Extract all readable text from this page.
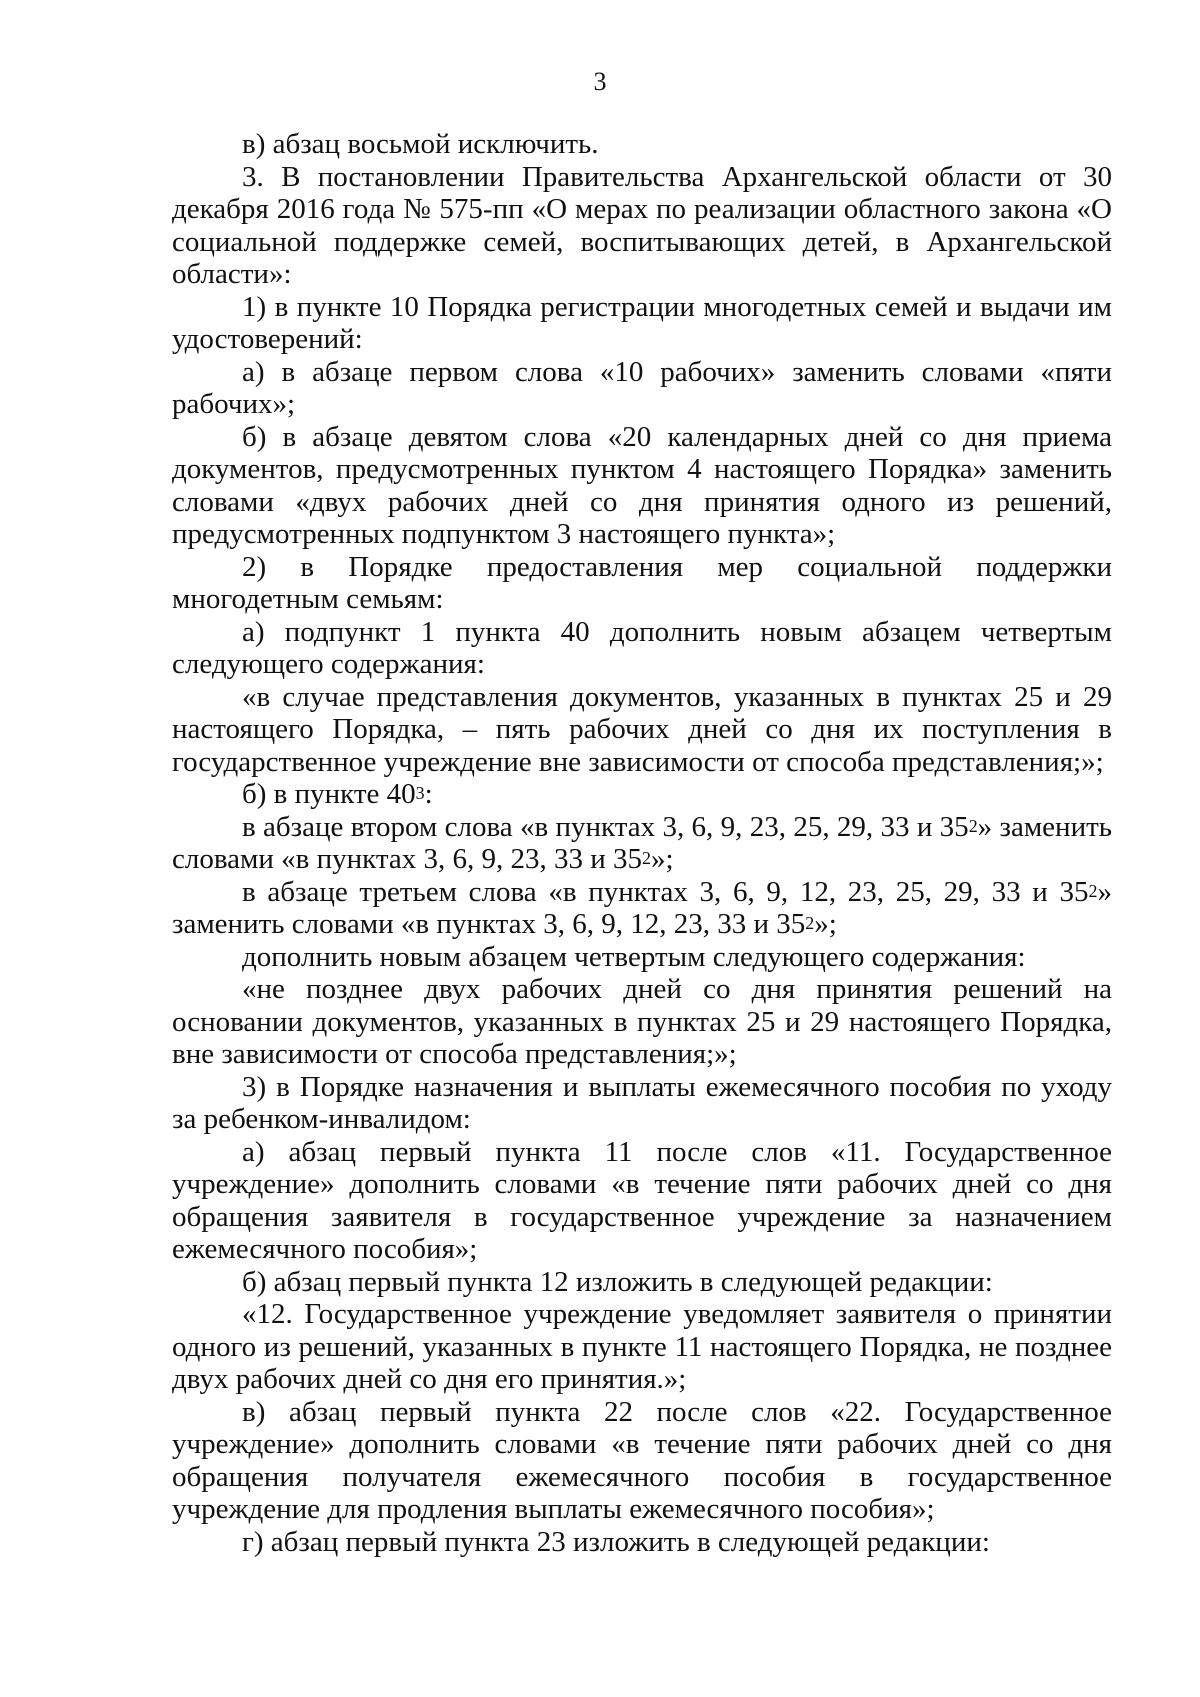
3

в) абзац восьмой исключить.

3. В постановлении Правительства Архангельской области от 30 декабря 2016 года № 575-пп «О мерах по реализации областного закона «О социальной поддержке семей, воспитывающих детей, в Архангельской области»:

1) в пункте 10 Порядка регистрации многодетных семей и выдачи им удостоверений:

а) в абзаце первом слова «10 рабочих» заменить словами «пяти рабочих»;

б) в абзаце девятом слова «20 календарных дней со дня приема документов, предусмотренных пунктом 4 настоящего Порядка» заменить словами «двух рабочих дней со дня принятия одного из решений, предусмотренных подпунктом 3 настоящего пункта»;

2) в Порядке предоставления мер социальной поддержки многодетным семьям:

а) подпункт 1 пункта 40 дополнить новым абзацем четвертым следующего содержания:

«в случае представления документов, указанных в пунктах 25 и 29 настоящего Порядка, – пять рабочих дней со дня их поступления в государственное учреждение вне зависимости от способа представления;»;

б) в пункте $40^3$:

в абзаце втором слова «в пунктах 3, 6, 9, 23, 25, 29, 33 и $35^2$» заменить словами «в пунктах 3, 6, 9, 23, 33 и $35^2$»;

в абзаце третьем слова «в пунктах 3, 6, 9, 12, 23, 25, 29, 33 и $35^2$» заменить словами «в пунктах 3, 6, 9, 12, 23, 33 и $35^2$»;

дополнить новым абзацем четвертым следующего содержания:

«не позднее двух рабочих дней со дня принятия решений на основании документов, указанных в пунктах 25 и 29 настоящего Порядка, вне зависимости от способа представления;»;

3) в Порядке назначения и выплаты ежемесячного пособия по уходу за ребенком-инвалидом:

а) абзац первый пункта 11 после слов «11. Государственное учреждение» дополнить словами «в течение пяти рабочих дней со дня обращения заявителя в государственное учреждение за назначением ежемесячного пособия»;

б) абзац первый пункта 12 изложить в следующей редакции:

«12. Государственное учреждение уведомляет заявителя о принятии одного из решений, указанных в пункте 11 настоящего Порядка, не позднее двух рабочих дней со дня его принятия.»;

в) абзац первый пункта 22 после слов «22. Государственное учреждение» дополнить словами «в течение пяти рабочих дней со дня обращения получателя ежемесячного пособия в государственное учреждение для продления выплаты ежемесячного пособия»;

г) абзац первый пункта 23 изложить в следующей редакции:
